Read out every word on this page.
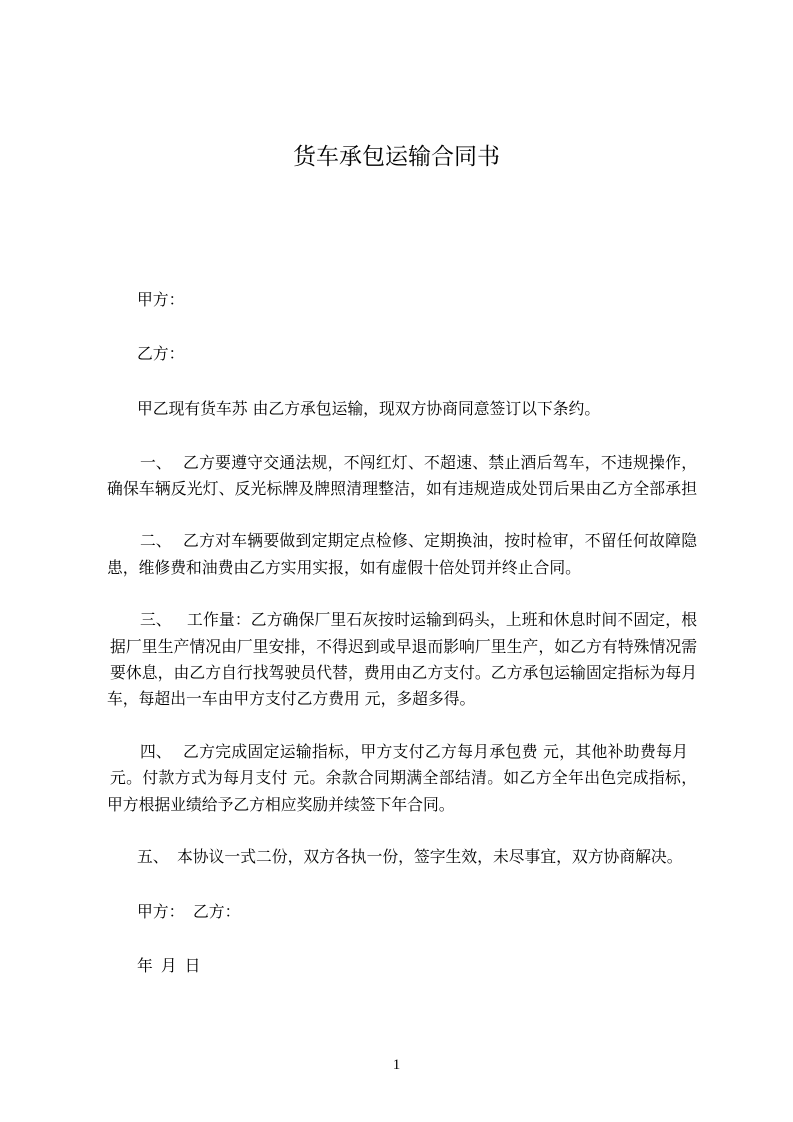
货车承包运输合同书
甲方：
乙方：
甲乙现有货车苏 由乙方承包运输，现双方协商同意签订以下条约。
一、 乙方要遵守交通法规，不闯红灯、不超速、禁止酒后驾车，不违规操作，
确保车辆反光灯、反光标牌及牌照清理整洁，如有违规造成处罚后果由乙方全部承担
二、 乙方对车辆要做到定期定点检修、定期换油，按时检审，不留任何故障隐
患，维修费和油费由乙方实用实报，如有虚假十倍处罚并终止合同。
三、 工作量：乙方确保厂里石灰按时运输到码头，上班和休息时间不固定，根
据厂里生产情况由厂里安排，不得迟到或早退而影响厂里生产，如乙方有特殊情况需
要休息，由乙方自行找驾驶员代替，费用由乙方支付。乙方承包运输固定指标为每月
车，每超出一车由甲方支付乙方费用 元，多超多得。
四、 乙方完成固定运输指标，甲方支付乙方每月承包费 元，其他补助费每月
元。付款方式为每月支付 元。余款合同期满全部结清。如乙方全年出色完成指标，
甲方根据业绩给予乙方相应奖励并续签下年合同。
五、 本协议一式二份，双方各执一份，签字生效，未尽事宜，双方协商解决。
甲方： 乙方：
年 月 日
1
